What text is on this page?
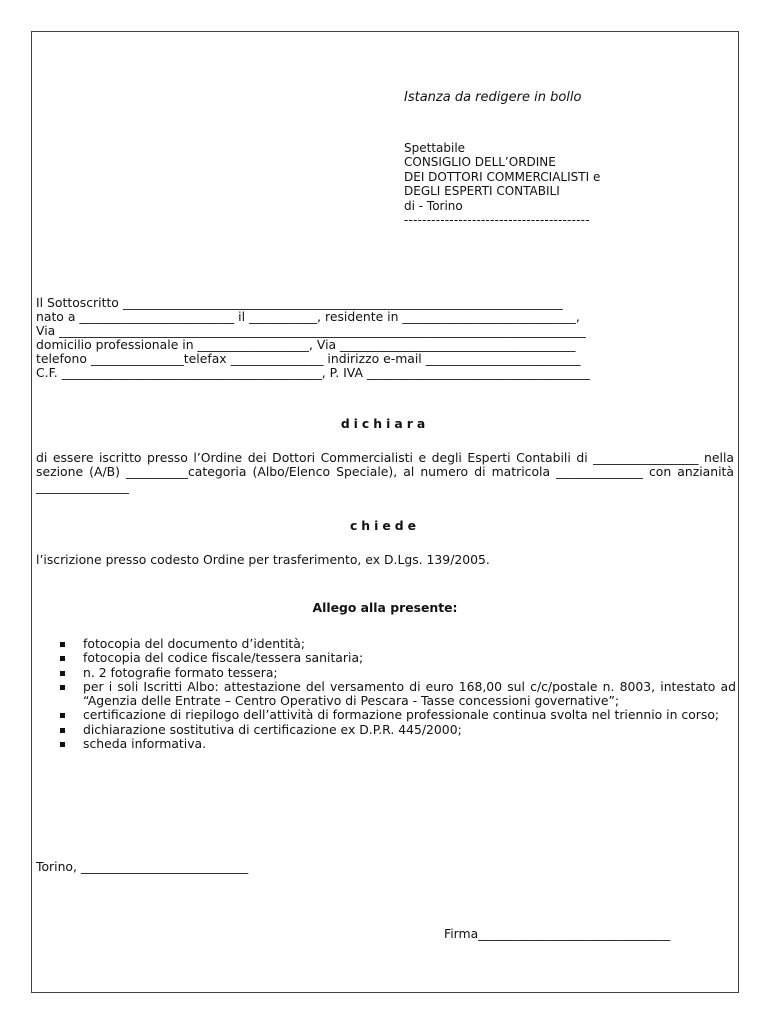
Istanza da redigere in bollo
Spettabile
CONSIGLIO DELL’ORDINE
DEI DOTTORI COMMERCIALISTI e
DEGLI ESPERTI CONTABILI
di - Torino
-----------------------------------------
Il Sottoscritto _______________________________________________________________________
nato a _________________________ il ___________, residente in ____________________________,
Via _____________________________________________________________________________________
domicilio professionale in __________________, Via ______________________________________
telefono _______________telefax _______________ indirizzo e-mail _________________________
C.F. __________________________________________, P. IVA ____________________________________
dichiara
di essere iscritto presso l’Ordine dei Dottori Commercialisti e degli Esperti Contabili di _________________ nella sezione (A/B) __________categoria (Albo/Elenco Speciale), al numero di matricola ______________ con anzianità _______________
chiede
l’iscrizione presso codesto Ordine per trasferimento, ex D.Lgs. 139/2005.
Allego alla presente:
fotocopia del documento d’identità;
fotocopia del codice fiscale/tessera sanitaria;
n. 2 fotografie formato tessera;
per i soli Iscritti Albo: attestazione del versamento di euro 168,00 sul c/c/postale n. 8003, intestato ad “Agenzia delle Entrate – Centro Operativo di Pescara - Tasse concessioni governative”;
certificazione di riepilogo dell’attività di formazione professionale continua svolta nel triennio in corso;
dichiarazione sostitutiva di certificazione ex D.P.R. 445/2000;
scheda informativa.
Torino, ___________________________
Firma_______________________________
